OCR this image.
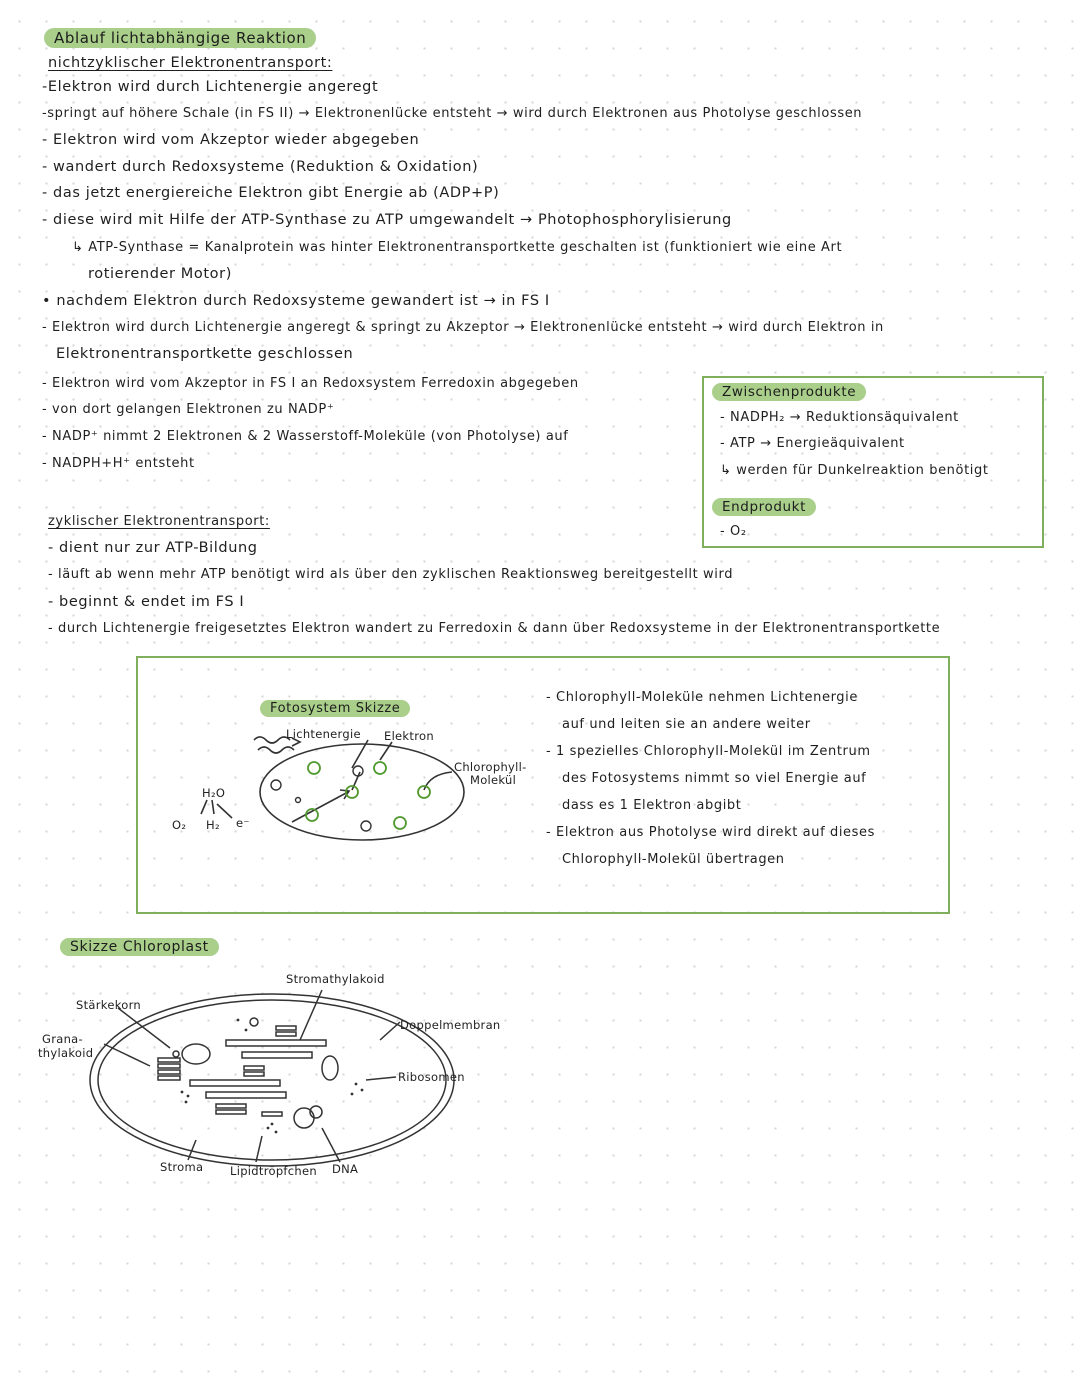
Ablauf lichtabhängige Reaktion
nichtzyklischer Elektronentransport:
-Elektron wird durch Lichtenergie angeregt
-springt auf höhere Schale (in FS II) → Elektronenlücke entsteht → wird durch Elektronen aus Photolyse geschlossen
- Elektron wird vom Akzeptor wieder abgegeben
- wandert durch Redoxsysteme (Reduktion & Oxidation)
- das jetzt energiereiche Elektron gibt Energie ab (ADP+P)
- diese wird mit Hilfe der ATP-Synthase zu ATP umgewandelt → Photophosphorylisierung
↳ ATP-Synthase = Kanalprotein was hinter Elektronentransportkette geschalten ist (funktioniert wie eine Art
rotierender Motor)
• nachdem Elektron durch Redoxsysteme gewandert ist → in FS I
- Elektron wird durch Lichtenergie angeregt & springt zu Akzeptor → Elektronenlücke entsteht → wird durch Elektron in
Elektronentransportkette geschlossen
- Elektron wird vom Akzeptor in FS I an Redoxsystem Ferredoxin abgegeben
- von dort gelangen Elektronen zu NADP⁺
- NADP⁺ nimmt 2 Elektronen & 2 Wasserstoff-Moleküle (von Photolyse) auf
- NADPH+H⁺ entsteht
Zwischenprodukte
- NADPH₂ → Reduktionsäquivalent
- ATP → Energieäquivalent
↳ werden für Dunkelreaktion benötigt
Endprodukt
- O₂
zyklischer Elektronentransport:
- dient nur zur ATP-Bildung
- läuft ab wenn mehr ATP benötigt wird als über den zyklischen Reaktionsweg bereitgestellt wird
- beginnt & endet im FS I
- durch Lichtenergie freigesetztes Elektron wandert zu Ferredoxin & dann über Redoxsysteme in der Elektronentransportkette
Fotosystem Skizze
Lichtenergie Elektron
Chlorophyll-
Molekül
H₂O
O₂ H₂ e⁻
- Chlorophyll-Moleküle nehmen Lichtenergie
auf und leiten sie an andere weiter
- 1 spezielles Chlorophyll-Molekül im Zentrum
des Fotosystems nimmt so viel Energie auf
dass es 1 Elektron abgibt
- Elektron aus Photolyse wird direkt auf dieses
Chlorophyll-Molekül übertragen
Skizze Chloroplast
Stromathylakoid
Stärkekorn
Grana-
thylakoid
Doppelmembran
Ribosomen
Stroma Lipidtröpfchen DNA
